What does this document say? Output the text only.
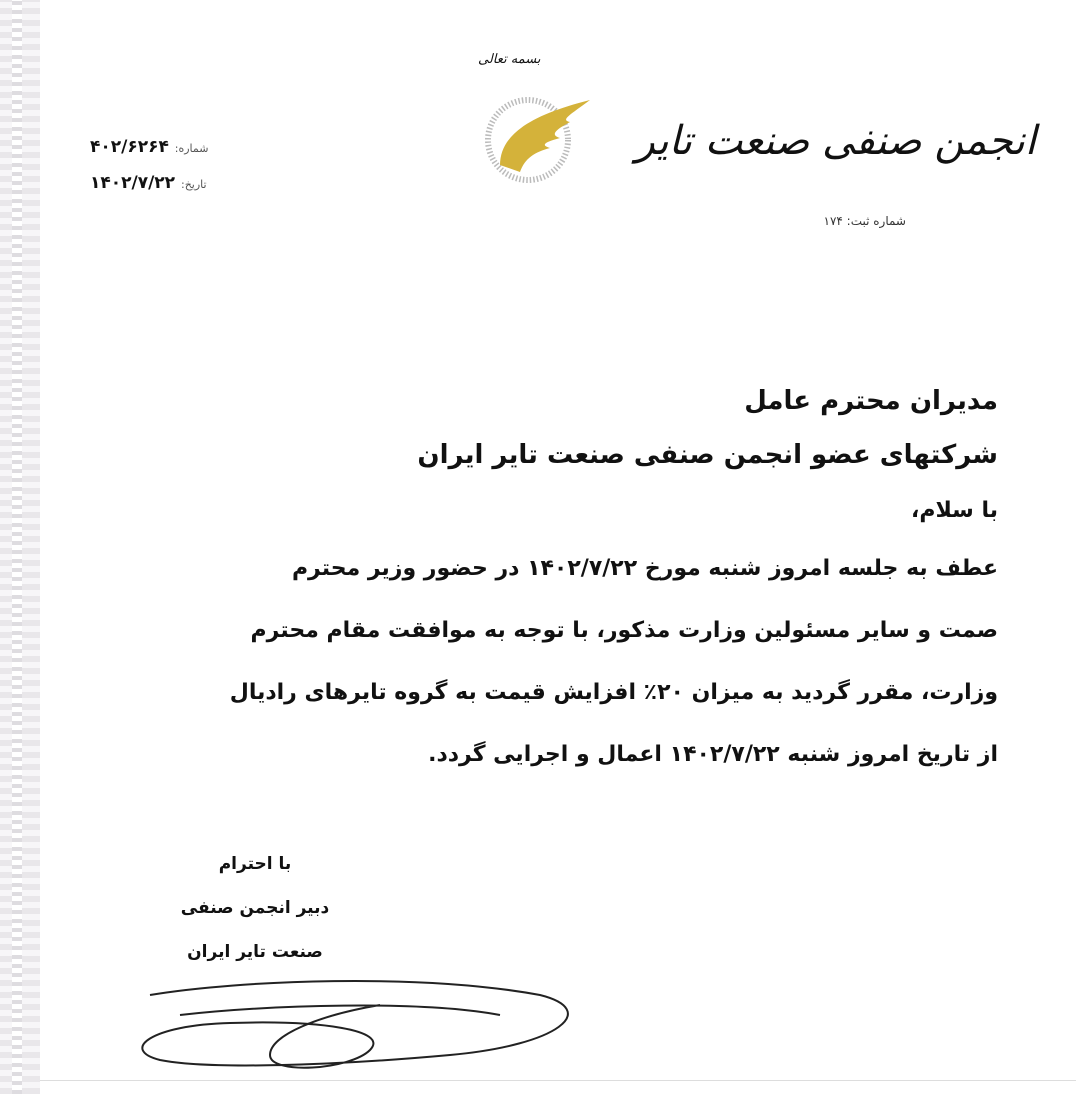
بسمه تعالی
انجمن صنفی صنعت تایر
شماره ثبت: ۱۷۴
شماره: ۴۰۲/۶۲۶۴
تاریخ: ۱۴۰۲/۷/۲۲
مدیران محترم عامل
شرکتهای عضو انجمن صنفی صنعت تایر ایران
با سلام،
عطف به جلسه امروز شنبه مورخ ۱۴۰۲/۷/۲۲ در حضور وزیر محترم
صمت و سایر مسئولین وزارت مذکور، با توجه به موافقت مقام محترم
وزارت، مقرر گردید به میزان ۲۰٪ افزایش قیمت به گروه تایرهای رادیال
از تاریخ امروز شنبه ۱۴۰۲/۷/۲۲ اعمال و اجرایی گردد.
با احترام
دبیر انجمن صنفی
صنعت تایر ایران
